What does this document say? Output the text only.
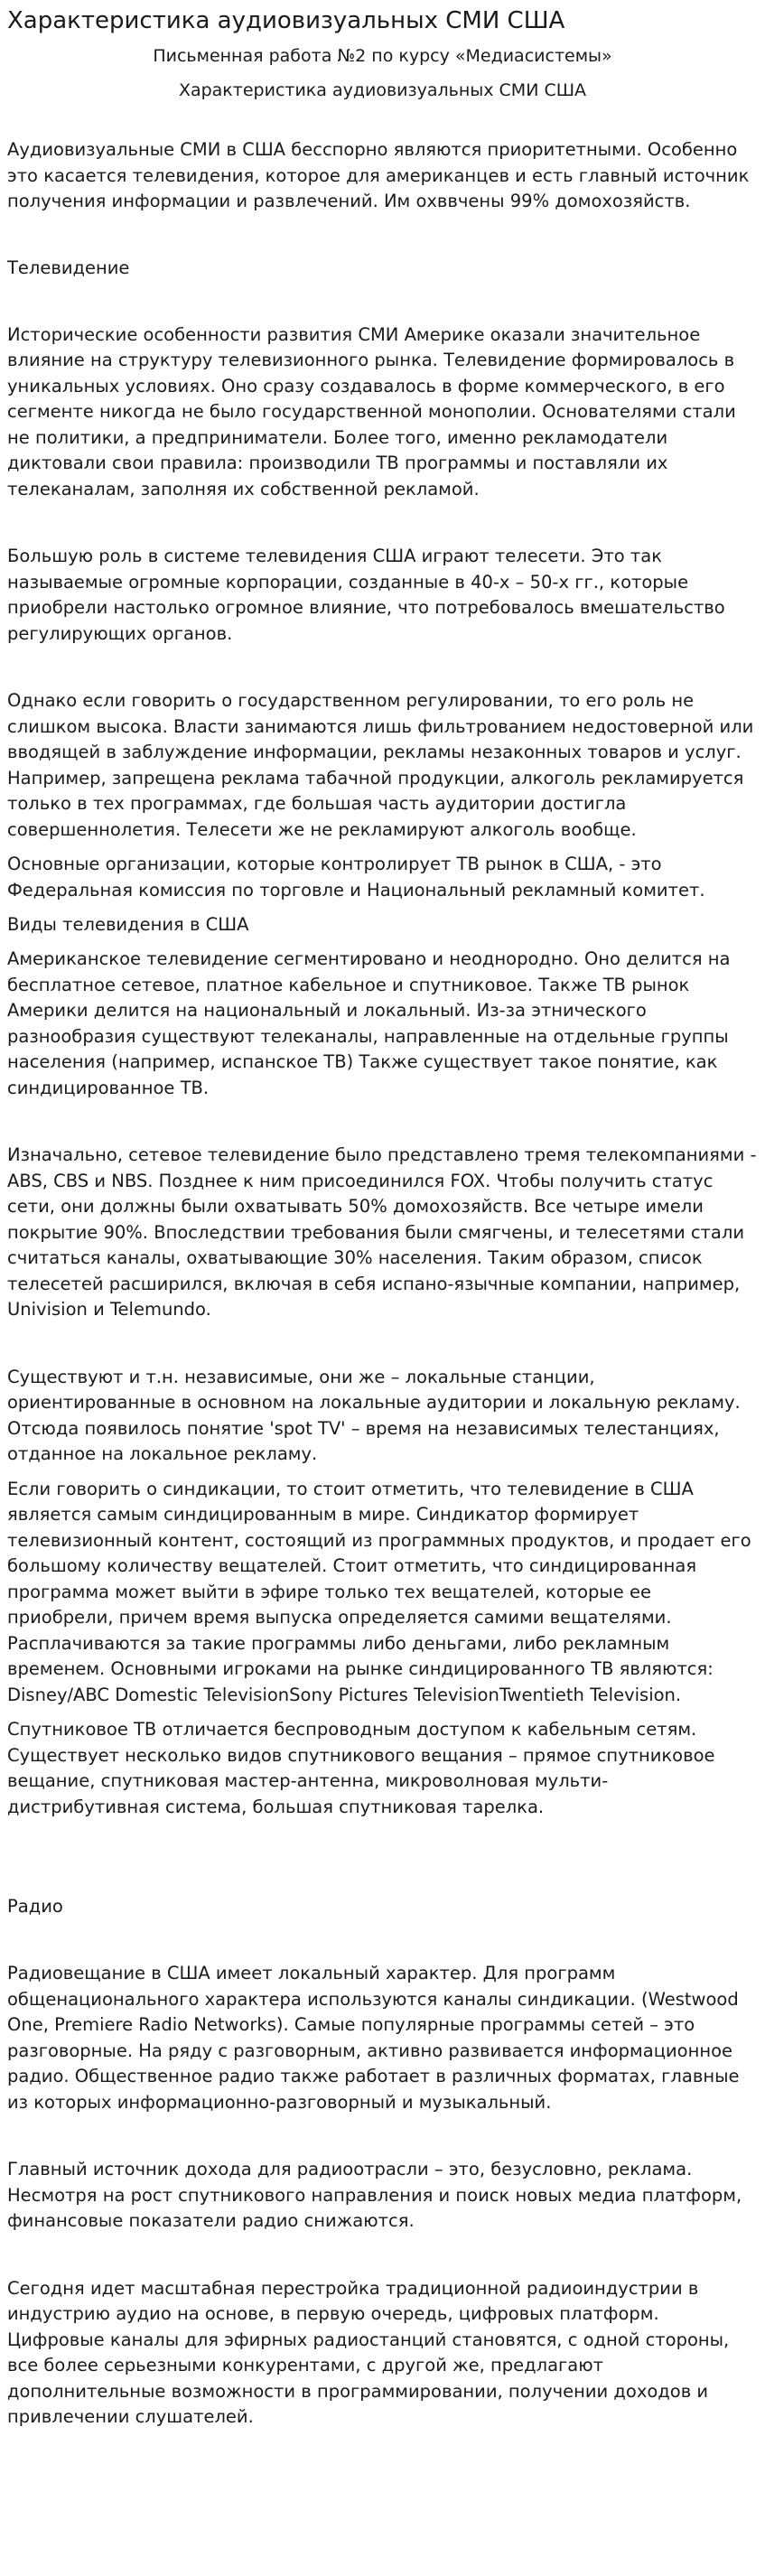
Характеристика аудиовизуальных СМИ США
Письменная работа №2 по курсу «Медиасистемы»
Характеристика аудиовизуальных СМИ США

Аудиовизуальные СМИ в США бесспорно являются приоритетными. Особенно это касается телевидения, которое для американцев и есть главный источник получения информации и развлечений. Им охввчены 99% домохозяйств.

Телевидение

Исторические особенности развития СМИ Америке оказали значительное влияние на структуру телевизионного рынка. Телевидение формировалось в уникальных условиях. Оно сразу создавалось в форме коммерческого, в его сегменте никогда не было государственной монополии. Основателями стали не политики, а предприниматели. Более того, именно рекламодатели диктовали свои правила: производили ТВ программы и поставляли их телеканалам, заполняя их собственной рекламой.

Большую роль в системе телевидения США играют телесети. Это так называемые огромные корпорации, созданные в 40-х – 50-х гг., которые приобрели настолько огромное влияние, что потребовалось вмешательство регулирующих органов.

Однако если говорить о государственном регулировании, то его роль не слишком высока. Власти занимаются лишь фильтрованием недостоверной или вводящей в заблуждение информации, рекламы незаконных товаров и услуг. Например, запрещена реклама табачной продукции, алкоголь рекламируется только в тех программах, где большая часть аудитории достигла совершеннолетия. Телесети же не рекламируют алкоголь вообще.

Основные организации, которые контролирует ТВ рынок в США, - это Федеральная комиссия по торговле и Национальный рекламный комитет.

Виды телевидения в США

Американское телевидение сегментировано и неоднородно. Оно делится на бесплатное сетевое, платное кабельное и спутниковое. Также ТВ рынок Америки делится на национальный и локальный. Из-за этнического разнообразия существуют телеканалы, направленные на отдельные группы населения (например, испанское ТВ) Также существует такое понятие, как синдицированное ТВ.

Изначально, сетевое телевидение было представлено тремя телекомпаниями - ABS, CBS и NBS. Позднее к ним присоединился FOX. Чтобы получить статус сети, они должны были охватывать 50% домохозяйств. Все четыре имели покрытие 90%. Впоследствии требования были смягчены, и телесетями стали считаться каналы, охватывающие 30% населения. Таким образом, список телесетей расширился, включая в себя испано-язычные компании, например, Univision и Telemundo.

Существуют и т.н. независимые, они же – локальные станции, ориентированные в основном на локальные аудитории и локальную рекламу. Отсюда появилось понятие 'spot TV' – время на независимых телестанциях, отданное на локальное рекламу.

Если говорить о синдикации, то стоит отметить, что телевидение в США является самым синдицированным в мире. Синдикатор формирует телевизионный контент, состоящий из программных продуктов, и продает его большому количеству вещателей. Стоит отметить, что синдицированная программа может выйти в эфире только тех вещателей, которые ее приобрели, причем время выпуска определяется самими вещателями. Расплачиваются за такие программы либо деньгами, либо рекламным временем. Основными игроками на рынке синдицированного ТВ являются: Disney/ABC Domestic TelevisionSony Pictures TelevisionTwentieth Television.

Спутниковое ТВ отличается беспроводным доступом к кабельным сетям. Существует несколько видов спутникового вещания – прямое спутниковое вещание, спутниковая мастер-антенна, микроволновая мульти-дистрибутивная система, большая спутниковая тарелка.

Радио

Радиовещание в США имеет локальный характер. Для программ общенационального характера используются каналы синдикации. (Westwood One, Premiere Radio Networks). Самые популярные программы сетей – это разговорные. На ряду с разговорным, активно развивается информационное радио. Общественное радио также работает в различных форматах, главные из которых информационно-разговорный и музыкальный.

Главный источник дохода для радиоотрасли – это, безусловно, реклама. Несмотря на рост спутникового направления и поиск новых медиа платформ, финансовые показатели радио снижаются.

Сегодня идет масштабная перестройка традиционной радиоиндустрии в индустрию аудио на основе, в первую очередь, цифровых платформ. Цифровые каналы для эфирных радиостанций становятся, с одной стороны, все более серьезными конкурентами, с другой же, предлагают дополнительные возможности в программировании, получении доходов и привлечении слушателей.
